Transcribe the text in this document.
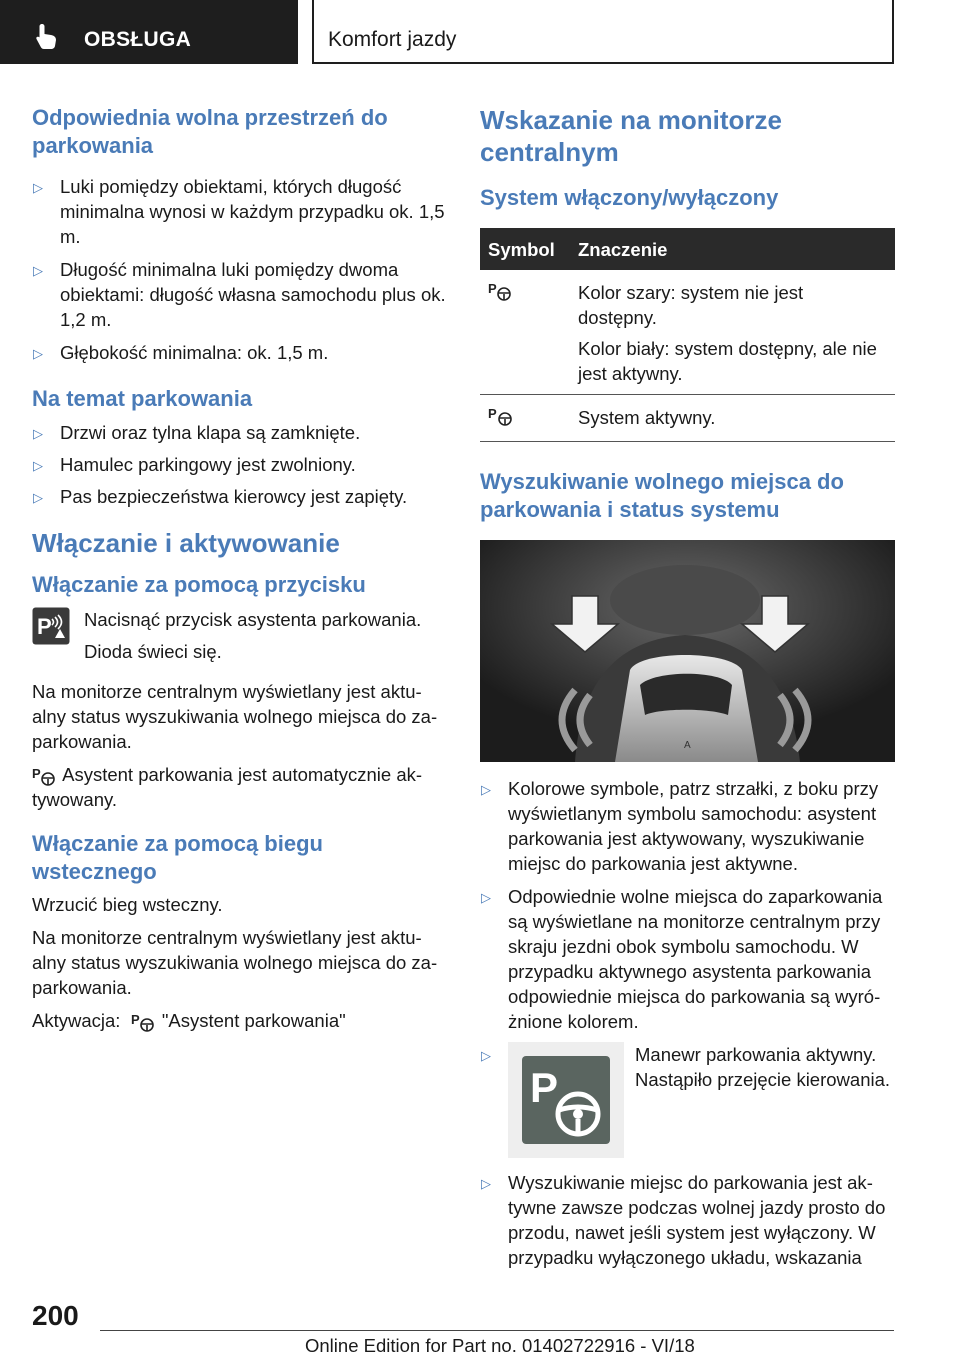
OBSŁUGA	Komfort jazdy
Odpowiednia wolna przestrzeń do parkowania
▷ Luki pomiędzy obiektami, których długość minimalna wynosi w każdym przypadku ok. 1,5 m.
▷ Długość minimalna luki pomiędzy dwoma obiektami: długość własna samochodu plus ok. 1,2 m.
▷ Głębokość minimalna: ok. 1,5 m.
Na temat parkowania
▷ Drzwi oraz tylna klapa są zamknięte.
▷ Hamulec parkingowy jest zwolniony.
▷ Pas bezpieczeństwa kierowcy jest zapięty.
Włączanie i aktywowanie
Włączanie za pomocą przycisku
P Nacisnąć przycisk asystenta parkowania.

Dioda świeci się.

Na monitorze centralnym wyświetlany jest aktualny status wyszukiwania wolnego miejsca do zaparkowania.

P Asystent parkowania jest automatycznie aktywowany.

Włączanie za pomocą biegu wstecznego

Wrzucić bieg wsteczny.

Na monitorze centralnym wyświetlany jest aktualny status wyszukiwania wolnego miejsca do zaparkowania.

Aktywacja: P "Asystent parkowania"

Wskazanie na monitorze centralnym
System włączony/wyłączony
Symbol	Znaczenie

P	Kolor szary: system nie jest dostępny.
Kolor biały: system dostępny, ale nie jest aktywny.

P	System aktywny.
Wyszukiwanie wolnego miejsca do parkowania i status systemu
A
▷ Kolorowe symbole, patrz strzałki, z boku przy wyświetlanym symbolu samochodu: asystent parkowania jest aktywowany, wyszukiwanie miejsc do parkowania jest aktywne.
▷ Odpowiednie wolne miejsca do zaparkowania są wyświetlane na monitorze centralnym przy skraju jezdni obok symbolu samochodu. W przypadku aktywnego asystenta parkowania odpowiednie miejsca do parkowania są wyróżnione kolorem.
▷
P
Manewr parkowania aktywny. Nastąpiło przejęcie kierowania.
▷ Wyszukiwanie miejsc do parkowania jest aktywne zawsze podczas wolnej jazdy prosto do przodu, nawet jeśli system jest wyłączony. W przypadku wyłączonego układu, wskazania
200
Online Edition for Part no. 01402722916 - VI/18
